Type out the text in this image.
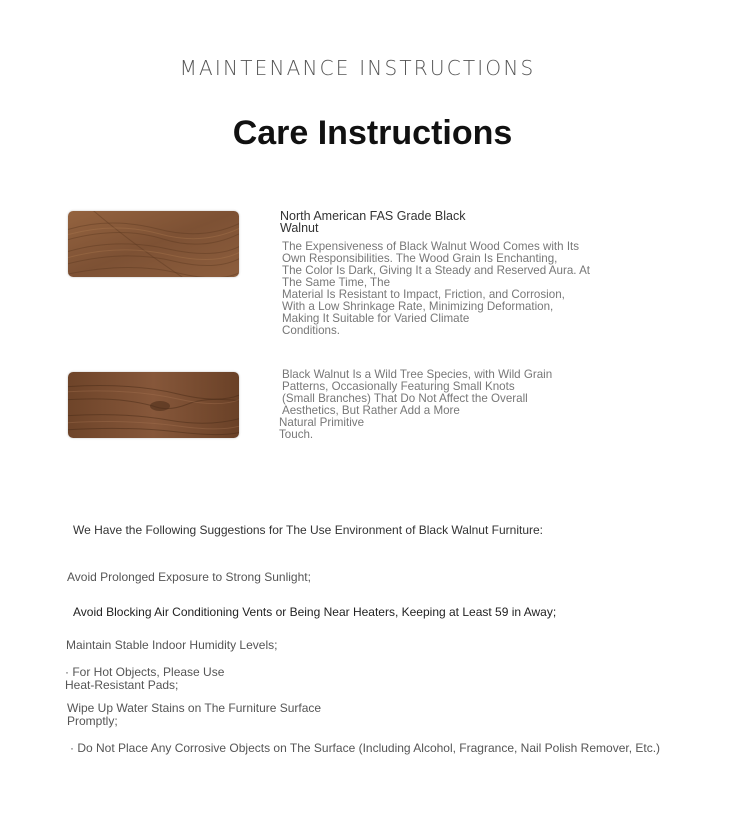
MAINTENANCE INSTRUCTIONS
Care Instructions
North American FAS Grade Black
Walnut
The Expensiveness of Black Walnut Wood Comes with Its
Own Responsibilities. The Wood Grain Is Enchanting,
The Color Is Dark, Giving It a Steady and Reserved Aura. At
The Same Time, The
Material Is Resistant to Impact, Friction, and Corrosion,
With a Low Shrinkage Rate, Minimizing Deformation,
Making It Suitable for Varied Climate
Conditions.
Black Walnut Is a Wild Tree Species, with Wild Grain
Patterns, Occasionally Featuring Small Knots
(Small Branches) That Do Not Affect the Overall
Aesthetics, But Rather Add a More
Natural Primitive
Touch.
We Have the Following Suggestions for The Use Environment of Black Walnut Furniture:
Avoid Prolonged Exposure to Strong Sunlight;
Avoid Blocking Air Conditioning Vents or Being Near Heaters, Keeping at Least 59 in Away;
Maintain Stable Indoor Humidity Levels;
· For Hot Objects, Please Use
Heat-Resistant Pads;
Wipe Up Water Stains on The Furniture Surface
Promptly;
· Do Not Place Any Corrosive Objects on The Surface (Including Alcohol, Fragrance, Nail Polish Remover, Etc.)
